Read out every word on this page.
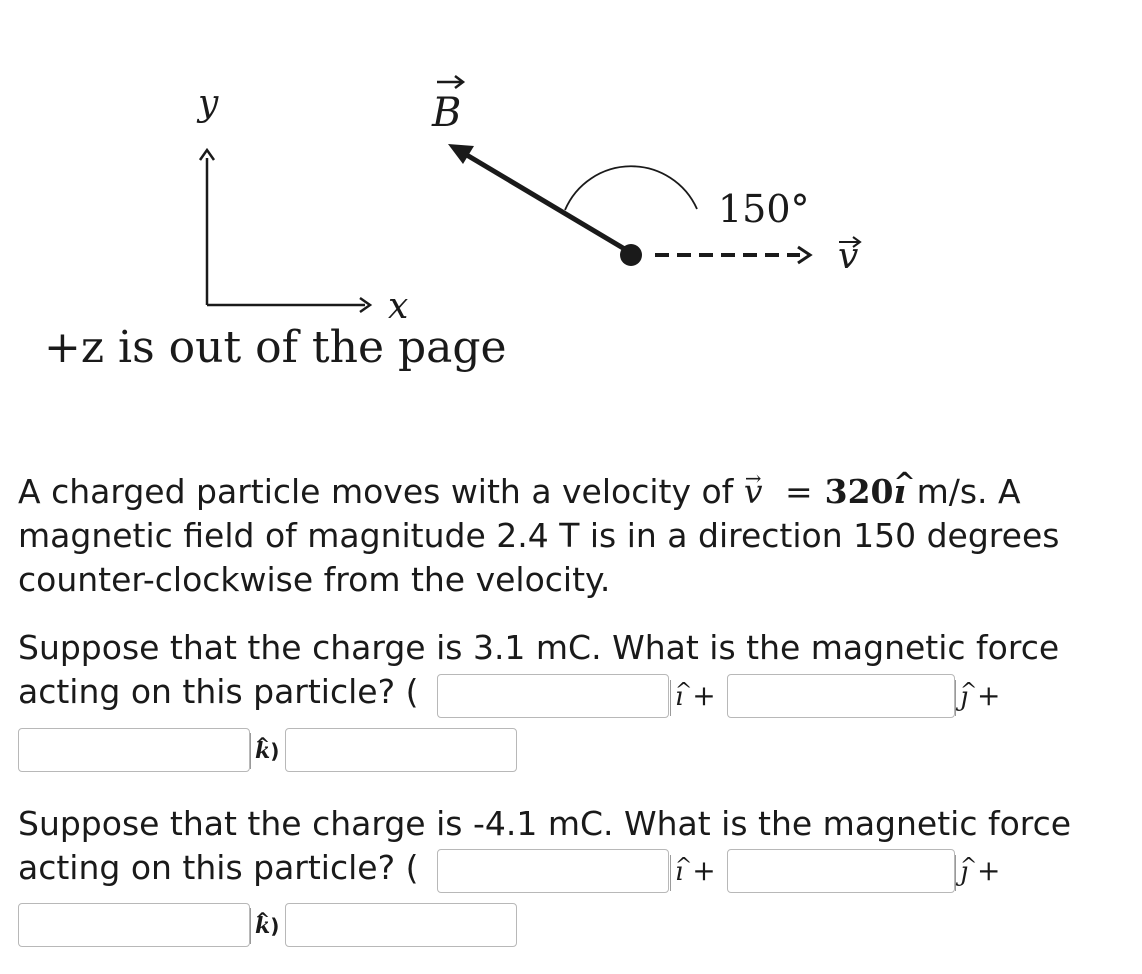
y
x
B
150°
v
+z is out of the page
A charged particle moves with a velocity of → v = 320^ ı m/s. A magnetic field of magnitude 2.4 T is in a direction 150 degrees counter-clockwise from the velocity.
Suppose that the charge is 3.1 mC. What is the magnetic force acting on this particle? (	^ ı +	^ ȷ +
^ k)
Suppose that the charge is -4.1 mC. What is the magnetic force acting on this particle? (	^ ı +	^ ȷ +
^ k)
